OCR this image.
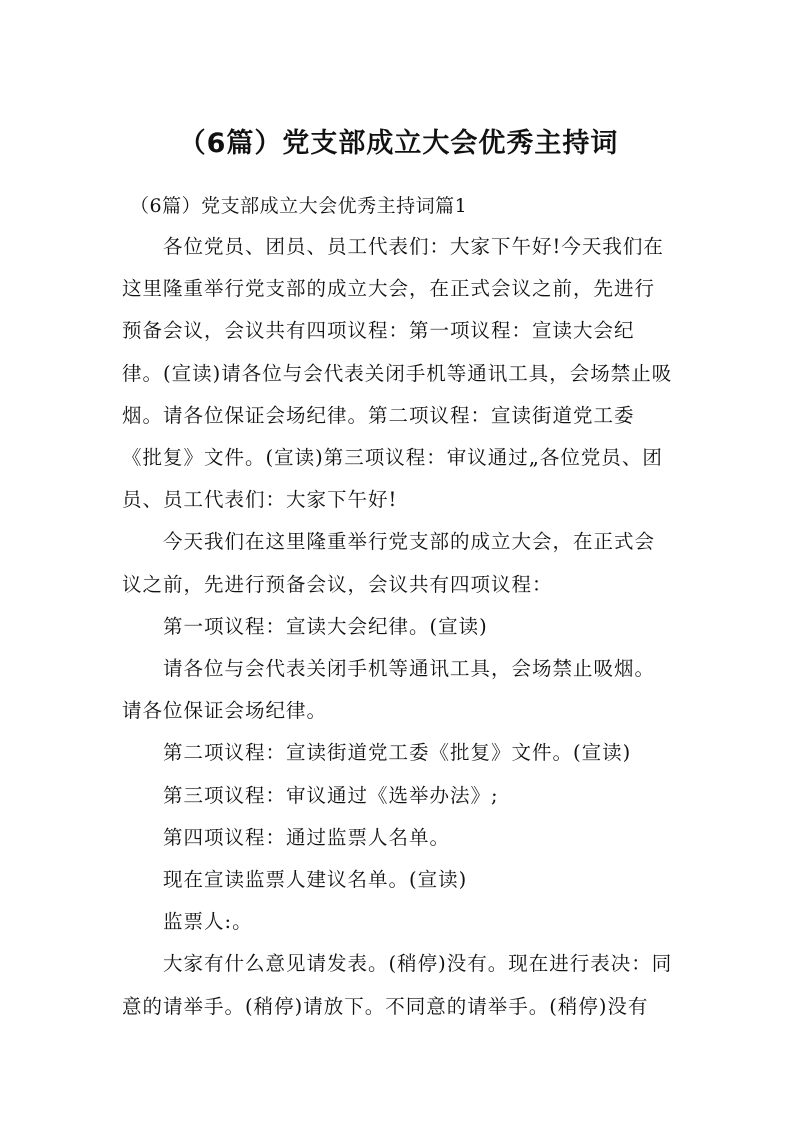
（6篇）党支部成立大会优秀主持词
（6篇）党支部成立大会优秀主持词篇1

各位党员、团员、员工代表们：大家下午好!今天我们在这里隆重举行党支部的成立大会，在正式会议之前，先进行预备会议，会议共有四项议程：第一项议程：宣读大会纪律。(宣读)请各位与会代表关闭手机等通讯工具，会场禁止吸烟。请各位保证会场纪律。第二项议程：宣读街道党工委《批复》文件。(宣读)第三项议程：审议通过„各位党员、团员、员工代表们：大家下午好!

今天我们在这里隆重举行党支部的成立大会，在正式会议之前，先进行预备会议，会议共有四项议程：

第一项议程：宣读大会纪律。(宣读)

请各位与会代表关闭手机等通讯工具，会场禁止吸烟。请各位保证会场纪律。

第二项议程：宣读街道党工委《批复》文件。(宣读)

第三项议程：审议通过《选举办法》;

第四项议程：通过监票人名单。

现在宣读监票人建议名单。(宣读)

监票人:。

大家有什么意见请发表。(稍停)没有。现在进行表决：同意的请举手。(稍停)请放下。不同意的请举手。(稍停)没有
